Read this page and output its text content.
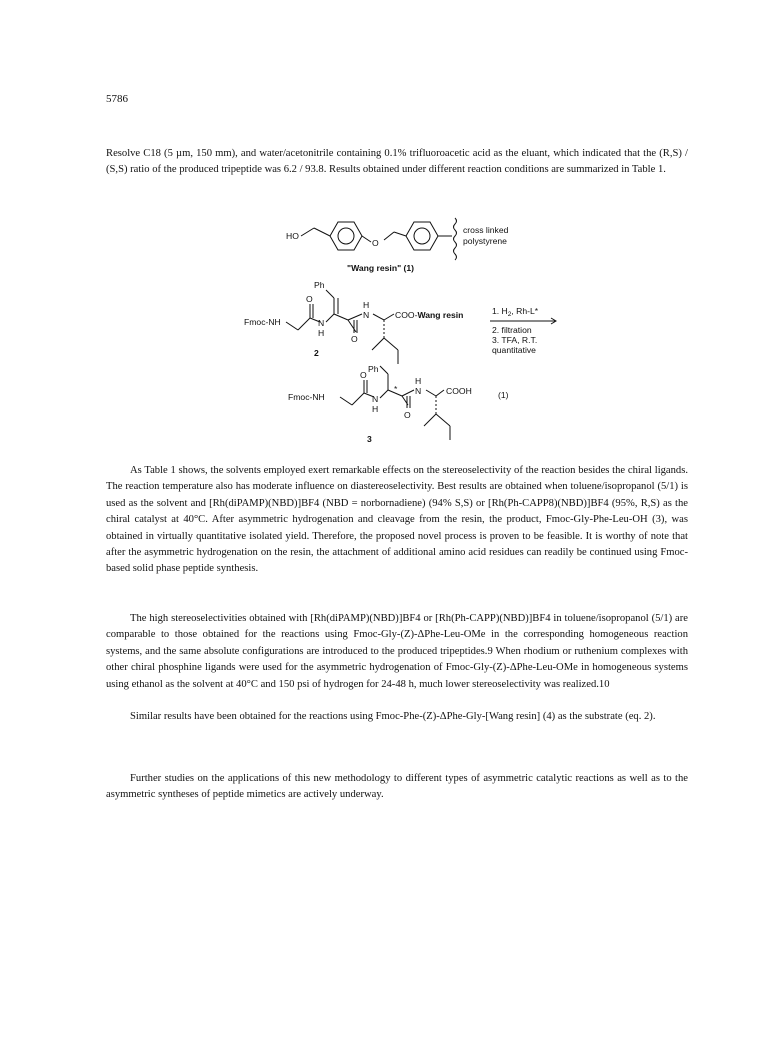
5786

Resolve C18 (5 µm, 150 mm), and water/acetonitrile containing 0.1% trifluoroacetic acid as the eluant, which indicated that the (R,S) / (S,S) ratio of the produced tripeptide was 6.2 / 93.8. Results obtained under different reaction conditions are summarized in Table 1.

HO
O
cross linked
polystyrene
"Wang resin" (1)
Fmoc-NH
Ph
O
N
H
H
N
O
COO-Wang resin
2
1. $H_2$, Rh-L*
2. filtration
3. TFA, R.T.
quantitative
Fmoc-NH
Ph
O
N
H
*
H
N
O
COOH	(1)
3

As Table 1 shows, the solvents employed exert remarkable effects on the stereoselectivity of the reaction besides the chiral ligands. The reaction temperature also has moderate influence on diastereoselectivity. Best results are obtained when toluene/isopropanol (5/1) is used as the solvent and [Rh(diPAMP)(NBD)]BF4 (NBD = norbornadiene) (94% S,S) or [Rh(Ph-CAPP8)(NBD)]BF4 (95%, R,S) as the chiral catalyst at 40°C. After asymmetric hydrogenation and cleavage from the resin, the product, Fmoc-Gly-Phe-Leu-OH (3), was obtained in virtually quantitative isolated yield. Therefore, the proposed novel process is proven to be feasible. It is worthy of note that after the asymmetric hydrogenation on the resin, the attachment of additional amino acid residues can readily be continued using Fmoc-based solid phase peptide synthesis.

The high stereoselectivities obtained with [Rh(diPAMP)(NBD)]BF4 or [Rh(Ph-CAPP)(NBD)]BF4 in toluene/isopropanol (5/1) are comparable to those obtained for the reactions using Fmoc-Gly-(Z)-ΔPhe-Leu-OMe in the corresponding homogeneous reaction systems, and the same absolute configurations are introduced to the produced tripeptides.9 When rhodium or ruthenium complexes with other chiral phosphine ligands were used for the asymmetric hydrogenation of Fmoc-Gly-(Z)-ΔPhe-Leu-OMe in homogeneous systems using ethanol as the solvent at 40°C and 150 psi of hydrogen for 24-48 h, much lower stereoselectivity was realized.10

Similar results have been obtained for the reactions using Fmoc-Phe-(Z)-ΔPhe-Gly-[Wang resin] (4) as the substrate (eq. 2).

Further studies on the applications of this new methodology to different types of asymmetric catalytic reactions as well as to the asymmetric syntheses of peptide mimetics are actively underway.
